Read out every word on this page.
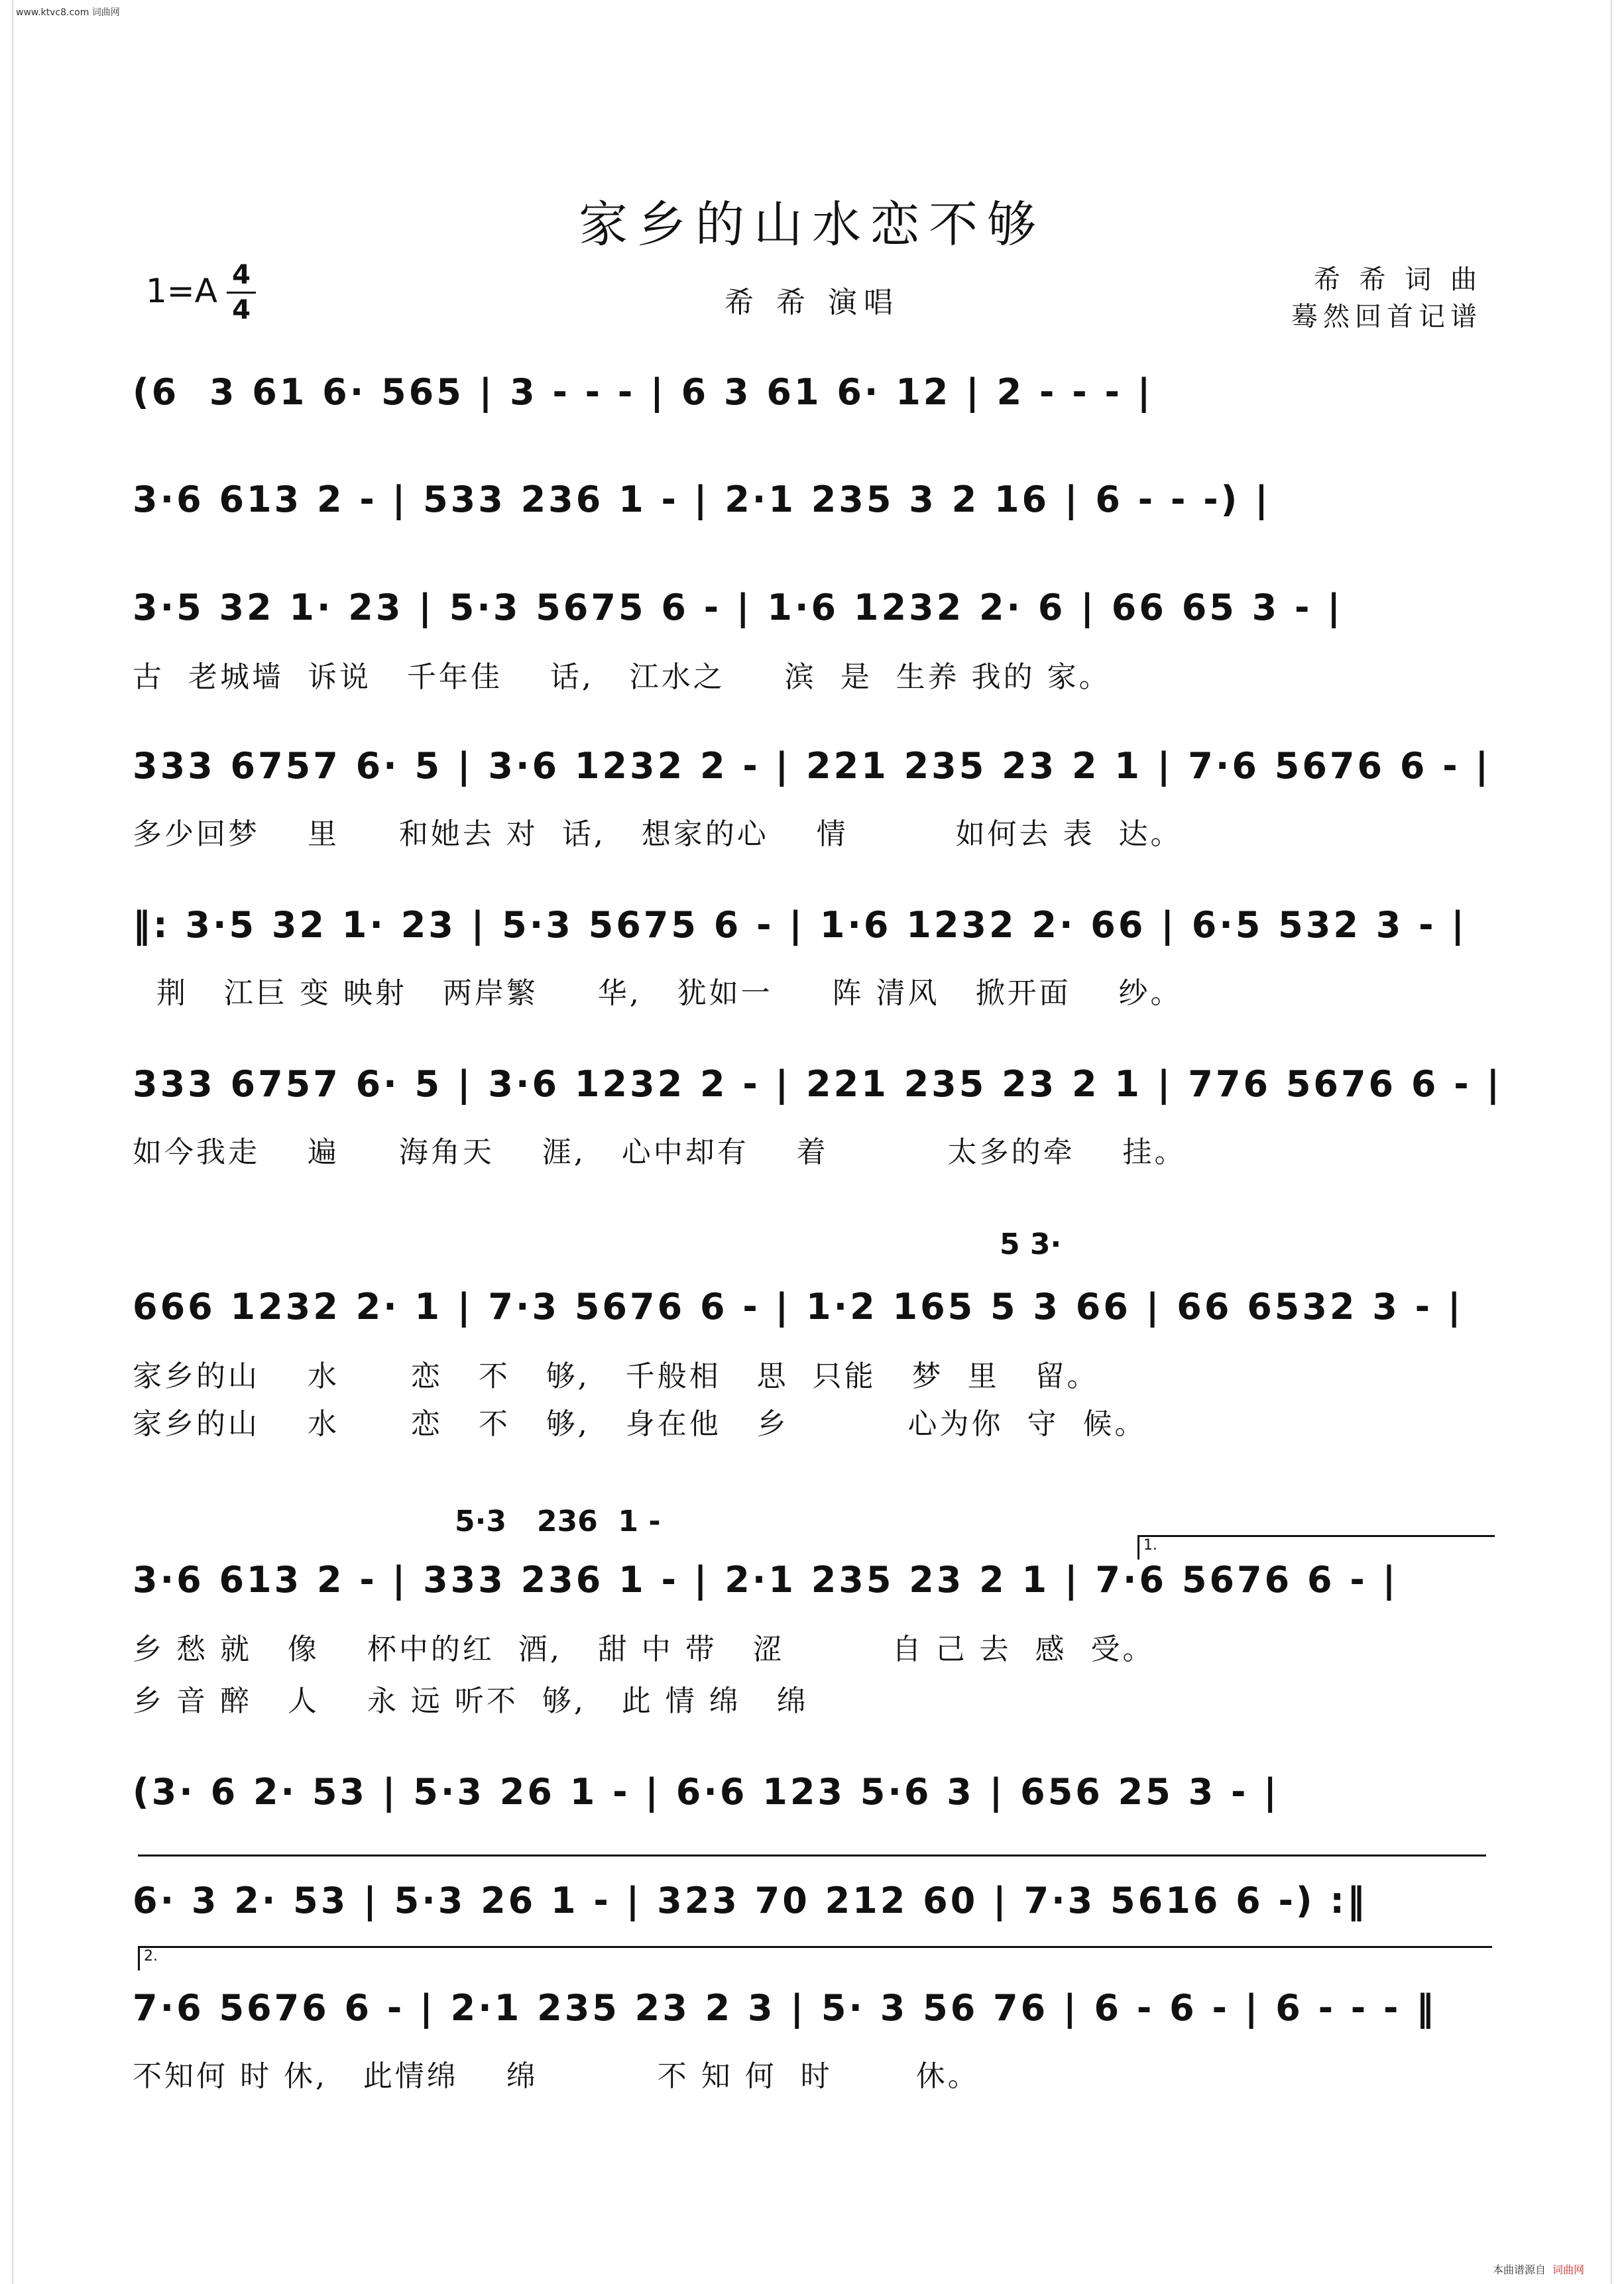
www.ktvc8.com 词曲网
家乡的山水恋不够
1=A 4
4	希 希 演唱
希 希 词 曲
蓦然回首记谱
(6  3 61 6· 565 | 3 - - - | 6 3 61 6· 12 | 2 - - - |
3·6 613 2 - | 533 236 1 - | 2·1 235 3 2 16 | 6 - - -) |
3·5 32 1· 23 | 5·3 5675 6 - | 1·6 1232 2· 6 | 66 65 3 - |
古  老城墙  诉说   千年佳    话,   江水之     滨  是  生养 我的 家。
333 6757 6· 5 | 3·6 1232 2 - | 221 235 23 2 1 | 7·6 5676 6 - |
多少回梦    里     和她去 对  话,   想家的心    情         如何去 表  达。
‖: 3·5 32 1· 23 | 5·3 5675 6 - | 1·6 1232 2· 66 | 6·5 532 3 - |
荆   江巨 变 映射   两岸繁     华,   犹如一     阵 清风   掀开面    纱。
333 6757 6· 5 | 3·6 1232 2 - | 221 235 23 2 1 | 776 5676 6 - |
如今我走    遍     海角天    涯,   心中却有    着          太多的牵    挂。
5 3·
666 1232 2· 1 | 7·3 5676 6 - | 1·2 165 5 3 66 | 66 6532 3 - |
家乡的山    水      恋   不   够,   千般相   思  只能   梦  里   留。
家乡的山    水      恋   不   够,   身在他   乡          心为你  守  候。
5·3   236  1 -
1.
3·6 613 2 - | 333 236 1 - | 2·1 235 23 2 1 | 7·6 5676 6 - |
乡 愁 就   像    杯中的红  酒,   甜 中 带   涩         自 己 去  感  受。
乡 音 醉   人    永 远 听不  够,   此 情 绵   绵
(3· 6 2· 53 | 5·3 26 1 - | 6·6 123 5·6 3 | 656 25 3 - |
6· 3 2· 53 | 5·3 26 1 - | 323 70 212 60 | 7·3 5616 6 -) :‖
2.
7·6 5676 6 - | 2·1 235 23 2 3 | 5· 3 56 76 | 6 - 6 - | 6 - - - ‖
不知何 时 休,   此情绵    绵          不 知 何  时       休。
本曲谱源自 词曲网
